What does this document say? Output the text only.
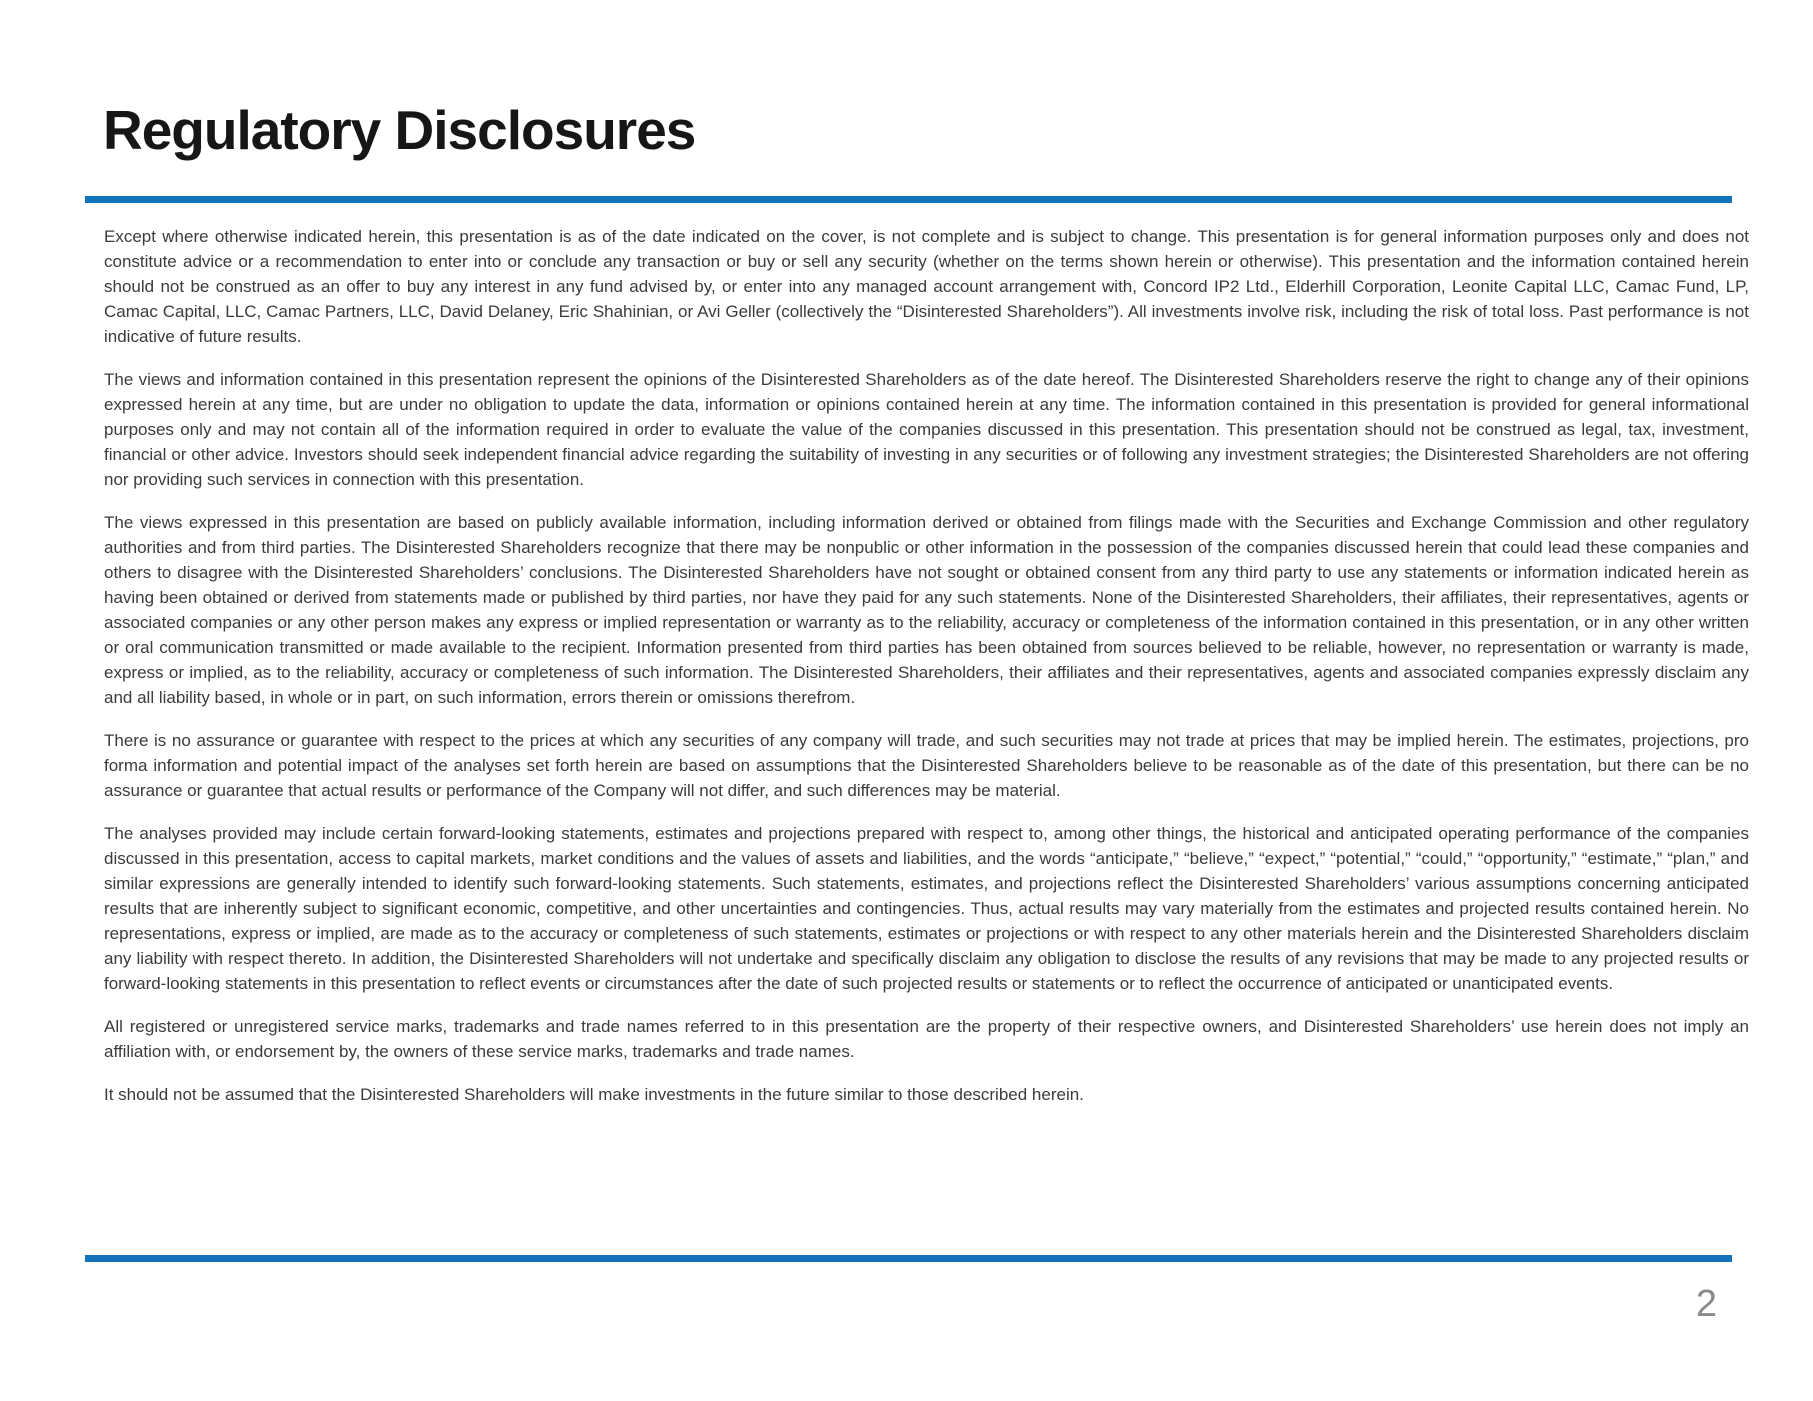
Regulatory Disclosures

Except where otherwise indicated herein, this presentation is as of the date indicated on the cover, is not complete and is subject to change. This presentation is for general information purposes only and does not constitute advice or a recommendation to enter into or conclude any transaction or buy or sell any security (whether on the terms shown herein or otherwise). This presentation and the information contained herein should not be construed as an offer to buy any interest in any fund advised by, or enter into any managed account arrangement with, Concord IP2 Ltd., Elderhill Corporation, Leonite Capital LLC, Camac Fund, LP, Camac Capital, LLC, Camac Partners, LLC, David Delaney, Eric Shahinian, or Avi Geller (collectively the “Disinterested Shareholders”). All investments involve risk, including the risk of total loss. Past performance is not indicative of future results.

The views and information contained in this presentation represent the opinions of the Disinterested Shareholders as of the date hereof. The Disinterested Shareholders reserve the right to change any of their opinions expressed herein at any time, but are under no obligation to update the data, information or opinions contained herein at any time. The information contained in this presentation is provided for general informational purposes only and may not contain all of the information required in order to evaluate the value of the companies discussed in this presentation. This presentation should not be construed as legal, tax, investment, financial or other advice. Investors should seek independent financial advice regarding the suitability of investing in any securities or of following any investment strategies; the Disinterested Shareholders are not offering nor providing such services in connection with this presentation.

The views expressed in this presentation are based on publicly available information, including information derived or obtained from filings made with the Securities and Exchange Commission and other regulatory authorities and from third parties. The Disinterested Shareholders recognize that there may be nonpublic or other information in the possession of the companies discussed herein that could lead these companies and others to disagree with the Disinterested Shareholders’ conclusions. The Disinterested Shareholders have not sought or obtained consent from any third party to use any statements or information indicated herein as having been obtained or derived from statements made or published by third parties, nor have they paid for any such statements. None of the Disinterested Shareholders, their affiliates, their representatives, agents or associated companies or any other person makes any express or implied representation or warranty as to the reliability, accuracy or completeness of the information contained in this presentation, or in any other written or oral communication transmitted or made available to the recipient. Information presented from third parties has been obtained from sources believed to be reliable, however, no representation or warranty is made, express or implied, as to the reliability, accuracy or completeness of such information. The Disinterested Shareholders, their affiliates and their representatives, agents and associated companies expressly disclaim any and all liability based, in whole or in part, on such information, errors therein or omissions therefrom.

There is no assurance or guarantee with respect to the prices at which any securities of any company will trade, and such securities may not trade at prices that may be implied herein. The estimates, projections, pro forma information and potential impact of the analyses set forth herein are based on assumptions that the Disinterested Shareholders believe to be reasonable as of the date of this presentation, but there can be no assurance or guarantee that actual results or performance of the Company will not differ, and such differences may be material.

The analyses provided may include certain forward-looking statements, estimates and projections prepared with respect to, among other things, the historical and anticipated operating performance of the companies discussed in this presentation, access to capital markets, market conditions and the values of assets and liabilities, and the words “anticipate,” “believe,” “expect,” “potential,” “could,” “opportunity,” “estimate,” “plan,” and similar expressions are generally intended to identify such forward-looking statements. Such statements, estimates, and projections reflect the Disinterested Shareholders’ various assumptions concerning anticipated results that are inherently subject to significant economic, competitive, and other uncertainties and contingencies. Thus, actual results may vary materially from the estimates and projected results contained herein. No representations, express or implied, are made as to the accuracy or completeness of such statements, estimates or projections or with respect to any other materials herein and the Disinterested Shareholders disclaim any liability with respect thereto. In addition, the Disinterested Shareholders will not undertake and specifically disclaim any obligation to disclose the results of any revisions that may be made to any projected results or forward-looking statements in this presentation to reflect events or circumstances after the date of such projected results or statements or to reflect the occurrence of anticipated or unanticipated events.

All registered or unregistered service marks, trademarks and trade names referred to in this presentation are the property of their respective owners, and Disinterested Shareholders’ use herein does not imply an affiliation with, or endorsement by, the owners of these service marks, trademarks and trade names.

It should not be assumed that the Disinterested Shareholders will make investments in the future similar to those described herein.

2
